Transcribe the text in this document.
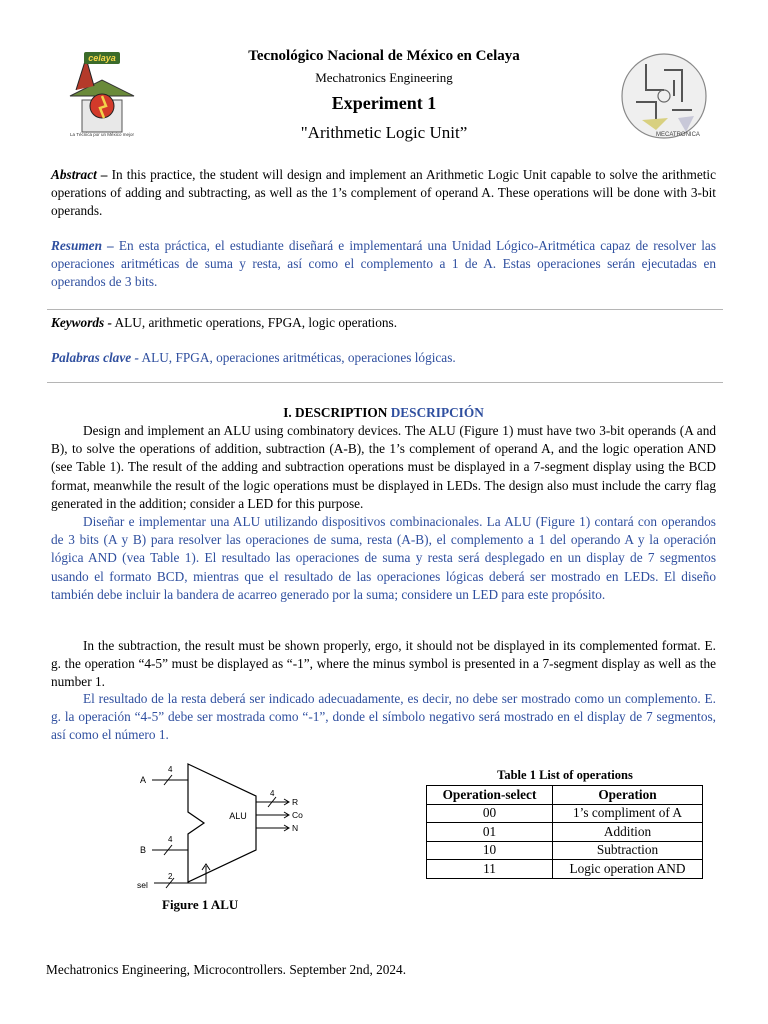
celaya
La Técnica por un México mejor	MECATRONICA
Tecnológico Nacional de México en Celaya
Mechatronics Engineering
Experiment 1
"Arithmetic Logic Unit”
Abstract – In this practice, the student will design and implement an Arithmetic Logic Unit capable to solve the arithmetic operations of adding and subtracting, as well as the 1’s complement of operand A. These operations will be done with 3-bit operands.
Resumen – En esta práctica, el estudiante diseñará e implementará una Unidad Lógico-Aritmética capaz de resolver las operaciones aritméticas de suma y resta, así como el complemento a 1 de A. Estas operaciones serán ejecutadas en operandos de 3 bits.
Keywords - ALU, arithmetic operations, FPGA, logic operations.
Palabras clave - ALU, FPGA, operaciones aritméticas, operaciones lógicas.
I. DESCRIPTION DESCRIPCIÓN
Design and implement an ALU using combinatory devices. The ALU (Figure 1) must have two 3-bit operands (A and B), to solve the operations of addition, subtraction (A-B), the 1’s complement of operand A, and the logic operation AND (see Table 1). The result of the adding and subtraction operations must be displayed in a 7-segment display using the BCD format, meanwhile the result of the logic operations must be displayed in LEDs. The design also must include the carry flag generated in the addition; consider a LED for this purpose.
Diseñar e implementar una ALU utilizando dispositivos combinacionales. La ALU (Figure 1) contará con operandos de 3 bits (A y B) para resolver las operaciones de suma, resta (A-B), el complemento a 1 del operando A y la operación lógica AND (vea Table 1). El resultado las operaciones de suma y resta será desplegado en un display de 7 segmentos usando el formato BCD, mientras que el resultado de las operaciones lógicas deberá ser mostrado en LEDs. El diseño también debe incluir la bandera de acarreo generado por la suma; considere un LED para este propósito.
In the subtraction, the result must be shown properly, ergo, it should not be displayed in its complemented format. E. g. the operation “4-5” must be displayed as “-1”, where the minus symbol is presented in a 7-segment display as well as the number 1.
El resultado de la resta deberá ser indicado adecuadamente, es decir, no debe ser mostrado como un complemento. E. g. la operación “4-5” debe ser mostrada como “-1”, donde el símbolo negativo será mostrado en el display de 7 segmentos, así como el número 1.
ALU
A
4
B
4
sel
2
4
R
Co
N
Figure 1 ALU
Table 1 List of operations
Operation-select	Operation
00	1’s compliment of A
01	Addition
10	Subtraction
11	Logic operation AND
Mechatronics Engineering, Microcontrollers. September 2nd, 2024.
